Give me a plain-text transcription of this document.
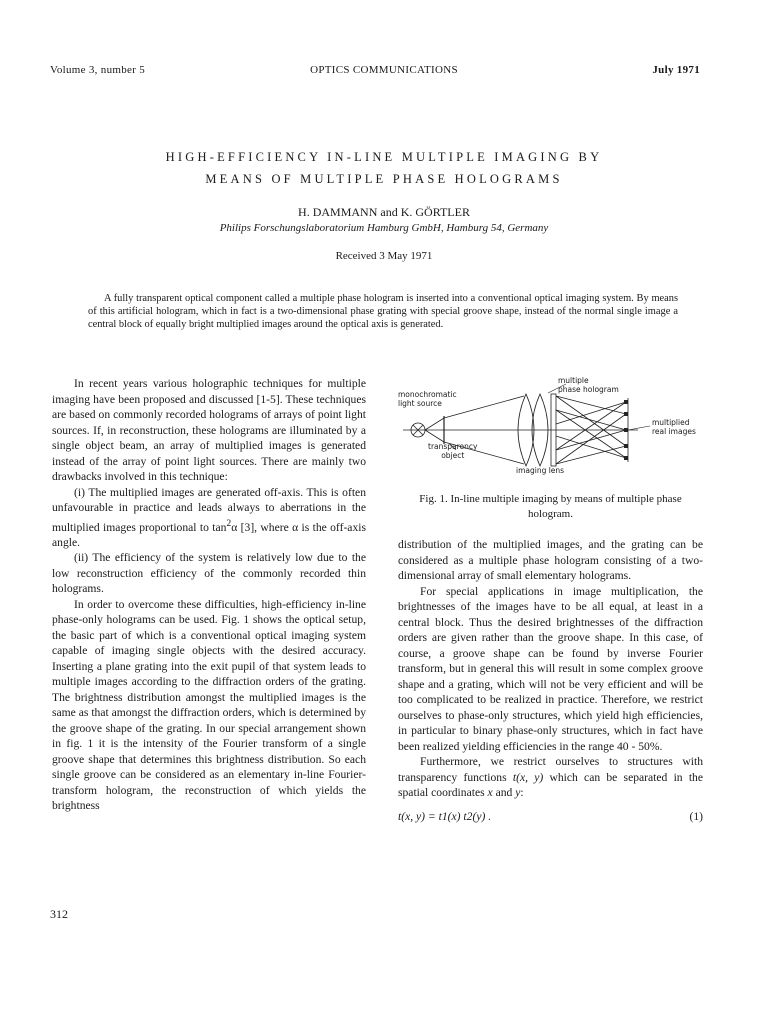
Volume 3, number 5	OPTICS COMMUNICATIONS	July 1971
HIGH-EFFICIENCY IN-LINE MULTIPLE IMAGING BY
MEANS OF MULTIPLE PHASE HOLOGRAMS
H. DAMMANN and K. GÖRTLER
Philips Forschungslaboratorium Hamburg GmbH, Hamburg 54, Germany
Received 3 May 1971

A fully transparent optical component called a multiple phase hologram is inserted into a conventional optical imaging system. By means of this artificial hologram, which in fact is a two-dimensional phase grating with special groove shape, instead of the normal single image a central block of equally bright multiplied images around the optical axis is generated.

In recent years various holographic techniques for multiple imaging have been proposed and discussed [1-5]. These techniques are based on commonly recorded holograms of arrays of point light sources. If, in reconstruction, these holograms are illuminated by a single object beam, an array of multiplied images is generated instead of the array of point light sources. There are mainly two drawbacks involved in this technique:

(i) The multiplied images are generated off-axis. This is often unfavourable in practice and leads always to aberrations in the multiplied images proportional to $\tan^2\alpha$ [3], where α is the off-axis angle.

(ii) The efficiency of the system is relatively low due to the low reconstruction efficiency of the commonly recorded thin holograms.

In order to overcome these difficulties, high-efficiency in-line phase-only holograms can be used. Fig. 1 shows the optical setup, the basic part of which is a conventional optical imaging system capable of imaging single objects with the desired accuracy. Inserting a plane grating into the exit pupil of that system leads to multiple images according to the diffraction orders of the grating. The brightness distribution amongst the multiplied images is the same as that amongst the diffraction orders, which is determined by the groove shape of the grating. In our special arrangement shown in fig. 1 it is the intensity of the Fourier transform of a single groove shape that determines this brightness distribution. So each single groove can be considered as an elementary in-line Fourier-transform hologram, the reconstruction of which yields the brightness

monochromatic
light source
multiple
phase hologram
multiplied
real images
transparency
object
imaging lens
Fig. 1. In-line multiple imaging by means of multiple phase hologram.

distribution of the multiplied images, and the grating can be considered as a multiple phase hologram consisting of a two-dimensional array of small elementary holograms.

For special applications in image multiplication, the brightnesses of the images have to be all equal, at least in a central block. Thus the desired brightnesses of the diffraction orders are given rather than the groove shape. In this case, of course, a groove shape can be found by inverse Fourier transform, but in general this will result in some complex groove shape and a grating, which will not be very efficient and will be too complicated to be realized in practice. Therefore, we restrict ourselves to phase-only structures, which yield high efficiencies, in particular to binary phase-only structures, which in fact have been realized yielding efficiencies in the range 40 - 50%.

Furthermore, we restrict ourselves to structures with transparency functions t(x, y) which can be separated in the spatial coordinates x and y:

t(x, y) = t1(x) t2(y) .	(1)
312
